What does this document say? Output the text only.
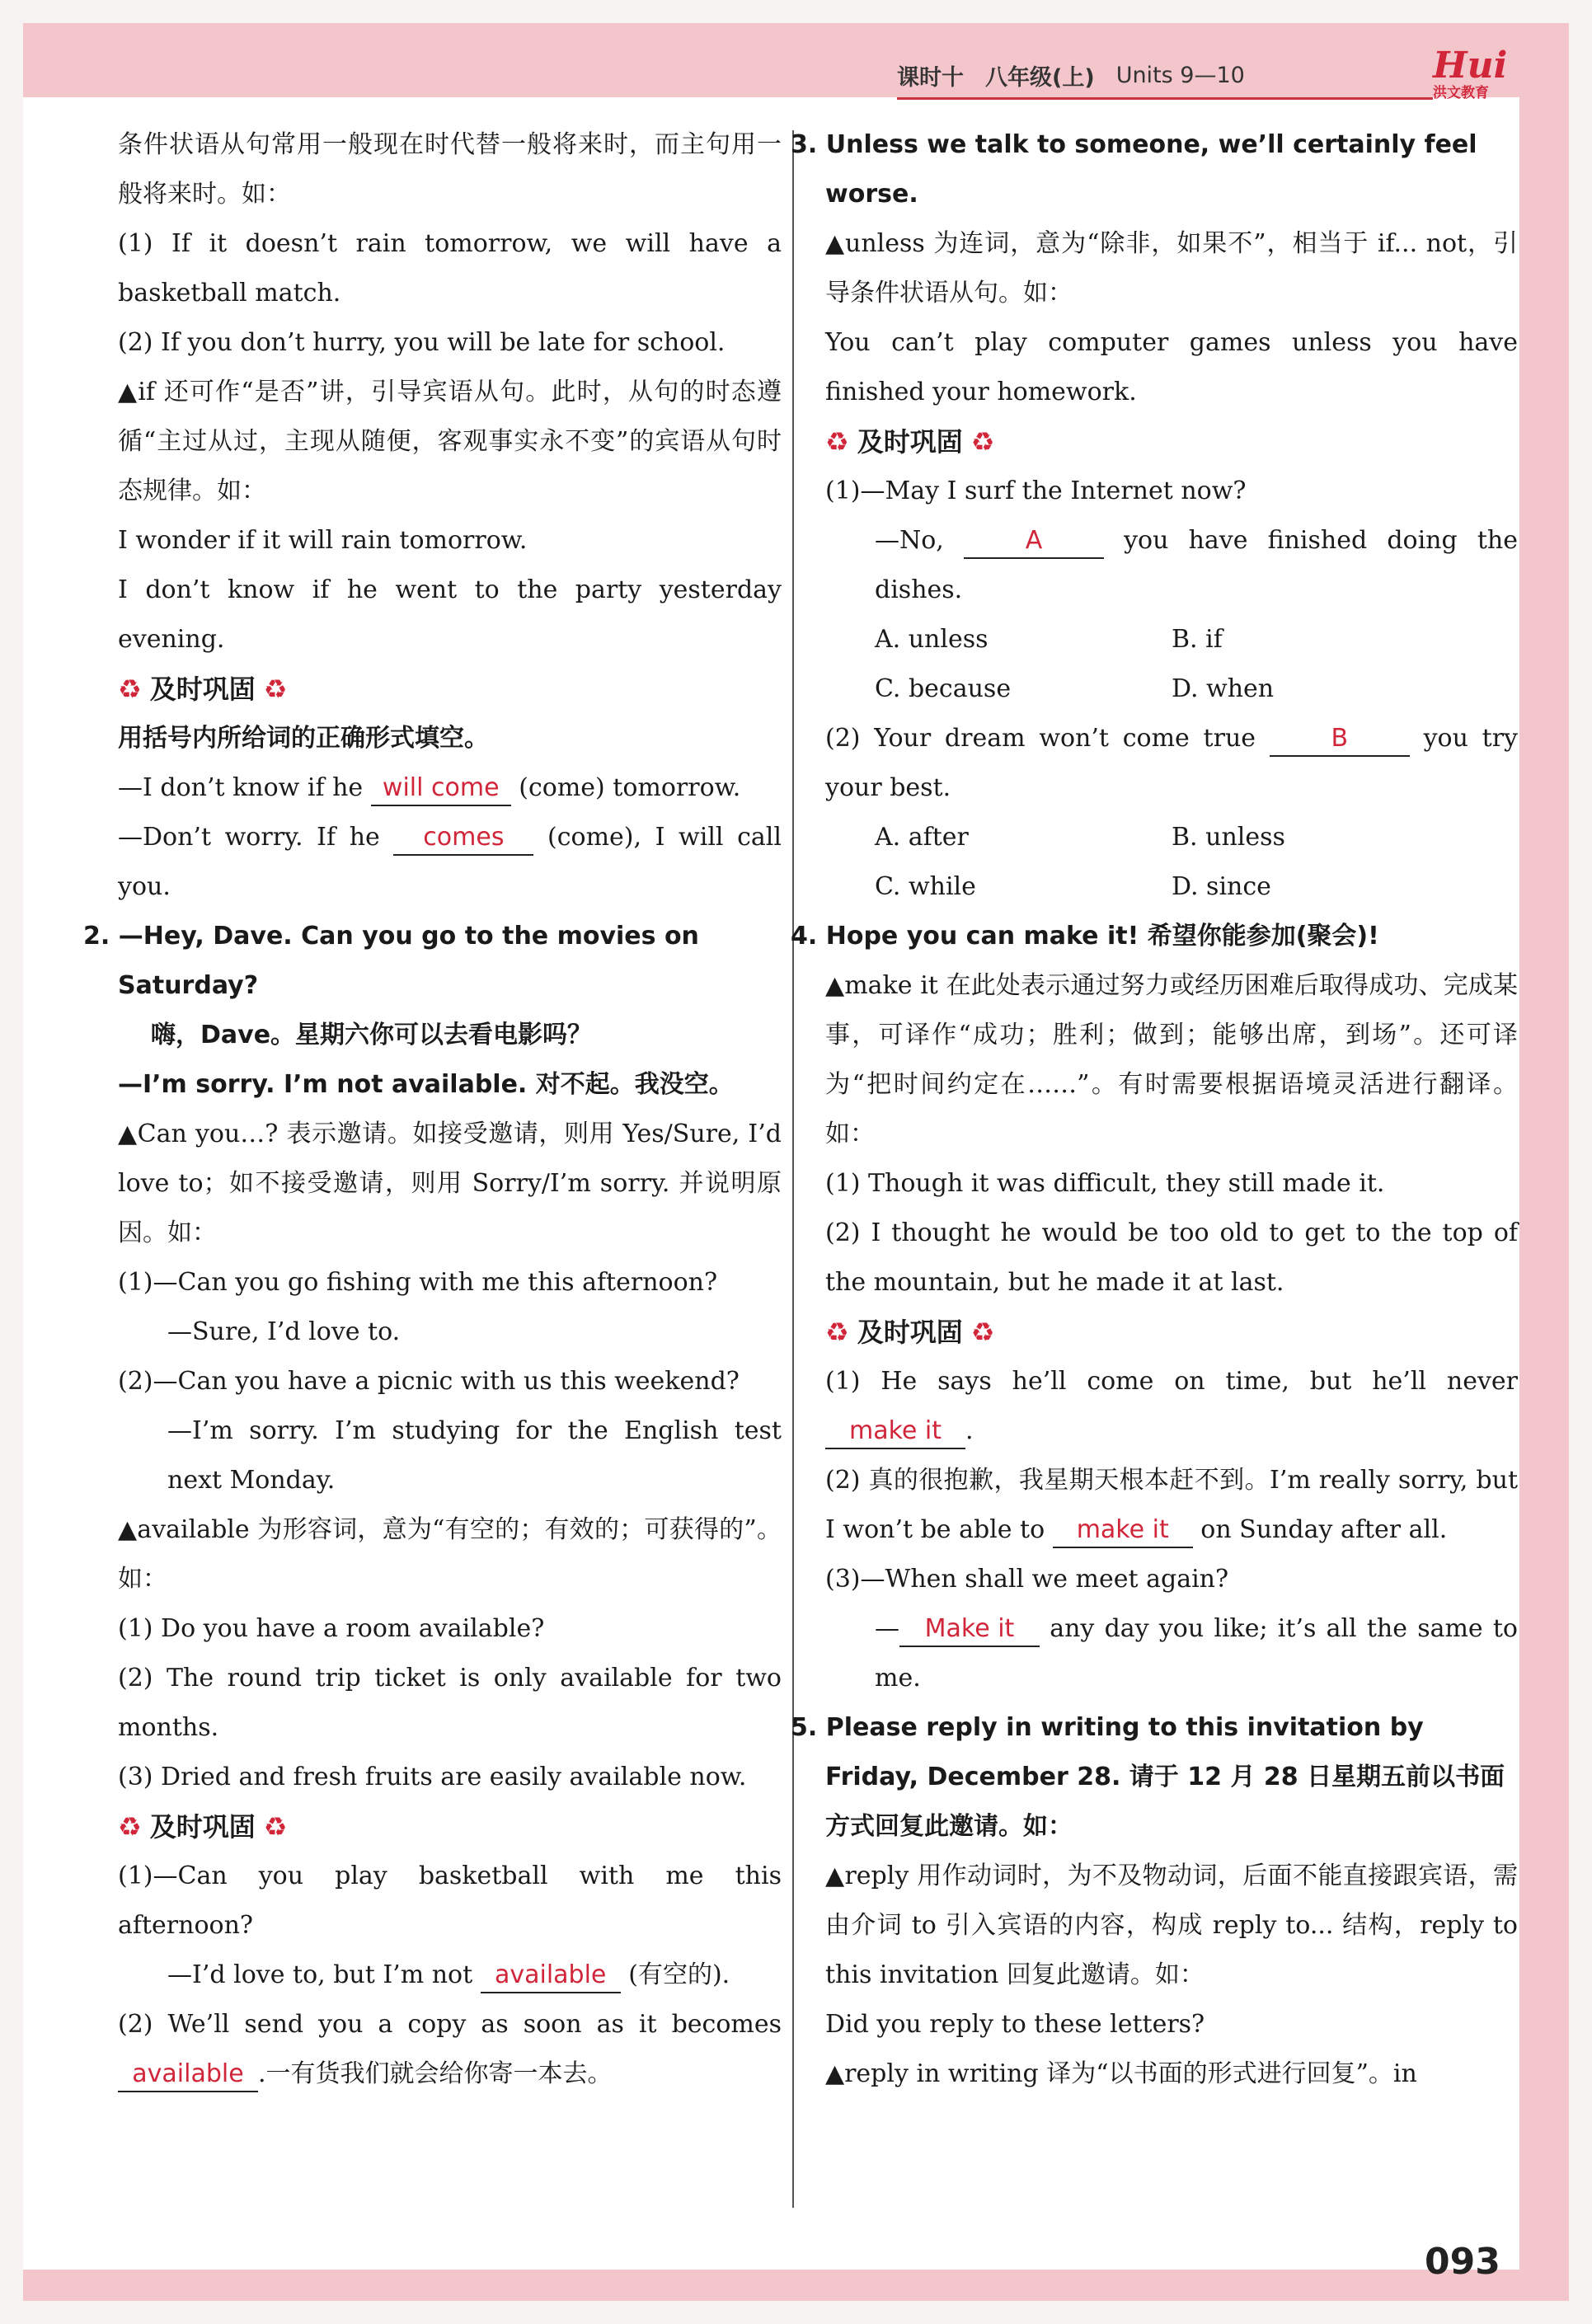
课时十 八年级(上) Units 9—10	Hui
洪文教育

条件状语从句常用一般现在时代替一般将来时，而主句用一般将来时。如：

(1) If it doesn’t rain tomorrow, we will have a basketball match.

(2) If you don’t hurry, you will be late for school.

▲if 还可作“是否”讲，引导宾语从句。此时，从句的时态遵循“主过从过，主现从随便，客观事实永不变”的宾语从句时态规律。如：

I wonder if it will rain tomorrow.

I don’t know if he went to the party yesterday evening.

♻ 及时巩固 ♻

用括号内所给词的正确形式填空。

—I don’t know if he will come (come) tomorrow.

—Don’t worry. If he comes (come), I will call you.

2. —Hey, Dave. Can you go to the movies on Saturday?

嗨，Dave。星期六你可以去看电影吗？

—I’m sorry. I’m not available. 对不起。我没空。

▲Can you…? 表示邀请。如接受邀请，则用 Yes/Sure, I’d love to；如不接受邀请，则用 Sorry/I’m sorry. 并说明原因。如：

(1)—Can you go fishing with me this afternoon?

—Sure, I’d love to.

(2)—Can you have a picnic with us this weekend?

—I’m sorry. I’m studying for the English test next Monday.

▲available 为形容词，意为“有空的；有效的；可获得的”。如：

(1) Do you have a room available?

(2) The round trip ticket is only available for two months.

(3) Dried and fresh fruits are easily available now.

♻ 及时巩固 ♻

(1)—Can you play basketball with me this afternoon?

—I’d love to, but I’m not available (有空的).

(2) We’ll send you a copy as soon as it becomes available .一有货我们就会给你寄一本去。

3. Unless we talk to someone, we’ll certainly feel worse.

▲unless 为连词，意为“除非，如果不”，相当于 if... not，引导条件状语从句。如：

You can’t play computer games unless you have finished your homework.

♻ 及时巩固 ♻

(1)—May I surf the Internet now?

—No,	A	you have finished doing the dishes.

A. unless	B. if
C. because	D. when

(2) Your dream won’t come true	B	you try your best.

A. after	B. unless
C. while	D. since

4. Hope you can make it! 希望你能参加(聚会)!

▲make it 在此处表示通过努力或经历困难后取得成功、完成某事，可译作“成功；胜利；做到；能够出席，到场”。还可译为“把时间约定在……”。有时需要根据语境灵活进行翻译。如：

(1) Though it was difficult, they still made it.

(2) I thought he would be too old to get to the top of the mountain, but he made it at last.

♻ 及时巩固 ♻

(1) He says he’ll come on time, but he’ll never make it .

(2) 真的很抱歉，我星期天根本赶不到。I’m really sorry, but I won’t be able to make it on Sunday after all.

(3)—When shall we meet again?

— Make it any day you like; it’s all the same to me.

5. Please reply in writing to this invitation by Friday, December 28. 请于 12 月 28 日星期五前以书面方式回复此邀请。如：

▲reply 用作动词时，为不及物动词，后面不能直接跟宾语，需由介词 to 引入宾语的内容，构成 reply to... 结构，reply to this invitation 回复此邀请。如：

Did you reply to these letters?

▲reply in writing 译为“以书面的形式进行回复”。in

093
